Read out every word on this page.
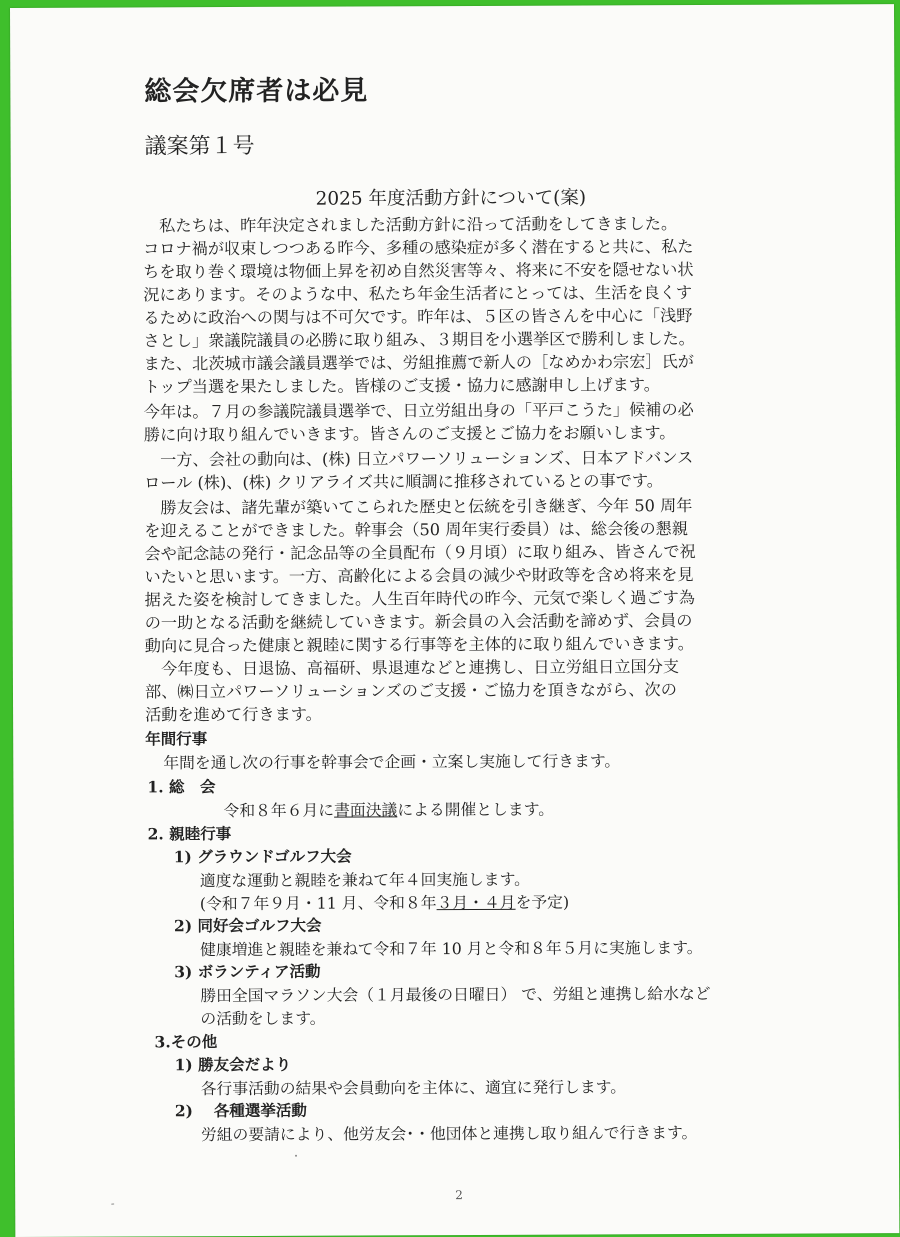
総会欠席者は必見
議案第１号
2025 年度活動方針について(案)

　私たちは、昨年決定されました活動方針に沿って活動をしてきました。
コロナ禍が収束しつつある昨今、多種の感染症が多く潜在すると共に、私た
ちを取り巻く環境は物価上昇を初め自然災害等々、将来に不安を隠せない状
況にあります。そのような中、私たち年金生活者にとっては、生活を良くす
るために政治への関与は不可欠です。昨年は、５区の皆さんを中心に「浅野
さとし」衆議院議員の必勝に取り組み、３期目を小選挙区で勝利しました。
また、北茨城市議会議員選挙では、労組推薦で新人の［なめかわ宗宏］氏が
トップ当選を果たしました。皆様のご支援・協力に感謝申し上げます。

今年は。７月の参議院議員選挙で、日立労組出身の「平戸こうた」候補の必
勝に向け取り組んでいきます。皆さんのご支援とご協力をお願いします。

　一方、会社の動向は、(株) 日立パワーソリューションズ、日本アドバンス
ロール (株)、(株) クリアライズ共に順調に推移されているとの事です。

　勝友会は、諸先輩が築いてこられた歴史と伝統を引き継ぎ、今年 50 周年
を迎えることができました。幹事会（50 周年実行委員）は、総会後の懇親
会や記念誌の発行・記念品等の全員配布（９月頃）に取り組み、皆さんで祝
いたいと思います。一方、高齢化による会員の減少や財政等を含め将来を見
据えた姿を検討してきました。人生百年時代の昨今、元気で楽しく過ごす為
の一助となる活動を継続していきます。新会員の入会活動を諦めず、会員の
動向に見合った健康と親睦に関する行事等を主体的に取り組んでいきます。

　今年度も、日退協、高福研、県退連などと連携し、日立労組日立国分支
部、㈱日立パワーソリューションズのご支援・ご協力を頂きながら、次の
活動を進めて行きます。

年間行事
年間を通し次の行事を幹事会で企画・立案し実施して行きます。
1. 総　会
令和８年６月に書面決議による開催とします。
2. 親睦行事
1) グラウンドゴルフ大会
適度な運動と親睦を兼ねて年４回実施します。
(令和７年９月・11 月、令和８年３月・４月を予定)
2) 同好会ゴルフ大会
健康増進と親睦を兼ねて令和７年 10 月と令和８年５月に実施します。
3) ボランティア活動
勝田全国マラソン大会（１月最後の日曜日） で、労組と連携し給水など
の活動をします。
3.その他
1) 勝友会だより
各行事活動の結果や会員動向を主体に、適宜に発行します。
2)　 各種選挙活動
労組の要請により、他労友会･・他団体と連携し取り組んで行きます。
2
